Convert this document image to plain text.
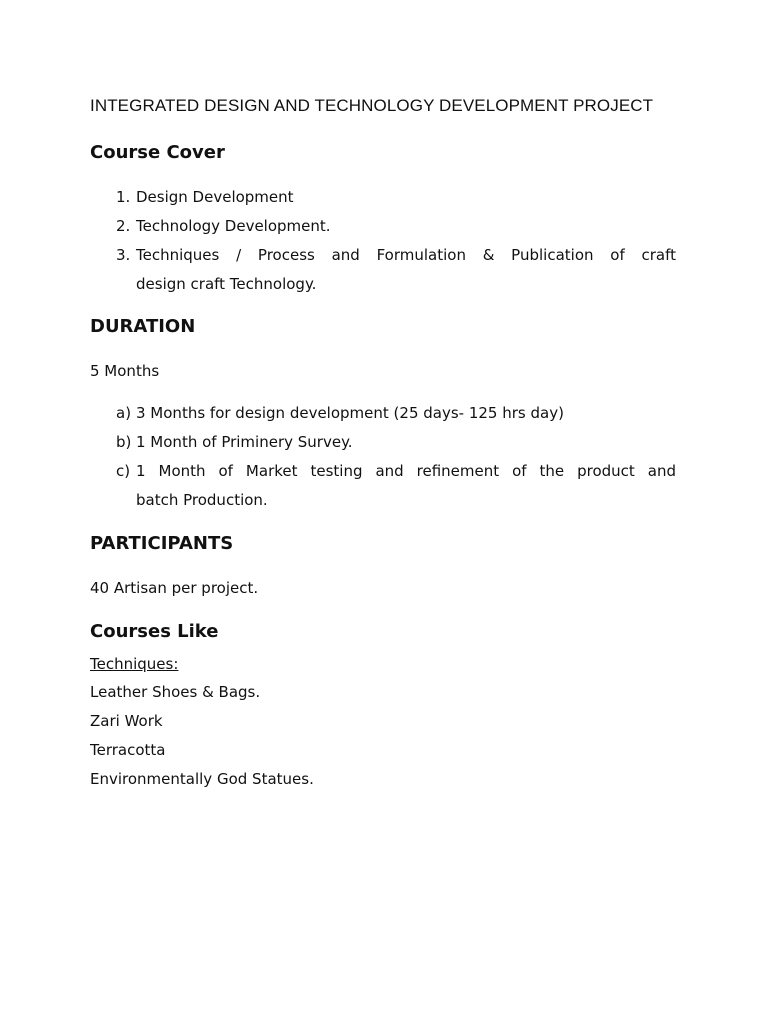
INTEGRATED DESIGN AND TECHNOLOGY DEVELOPMENT PROJECT
Course Cover
1. Design Development
2. Technology Development.
3. Techniques / Process and Formulation & Publication of craft
design craft Technology.
DURATION
5 Months
a) 3 Months for design development (25 days- 125 hrs day)
b) 1 Month of Priminery Survey.
c) 1 Month of Market testing and refinement of the product and
batch Production.
PARTICIPANTS
40 Artisan per project.
Courses Like
Techniques:
Leather Shoes & Bags.
Zari Work
Terracotta
Environmentally God Statues.
